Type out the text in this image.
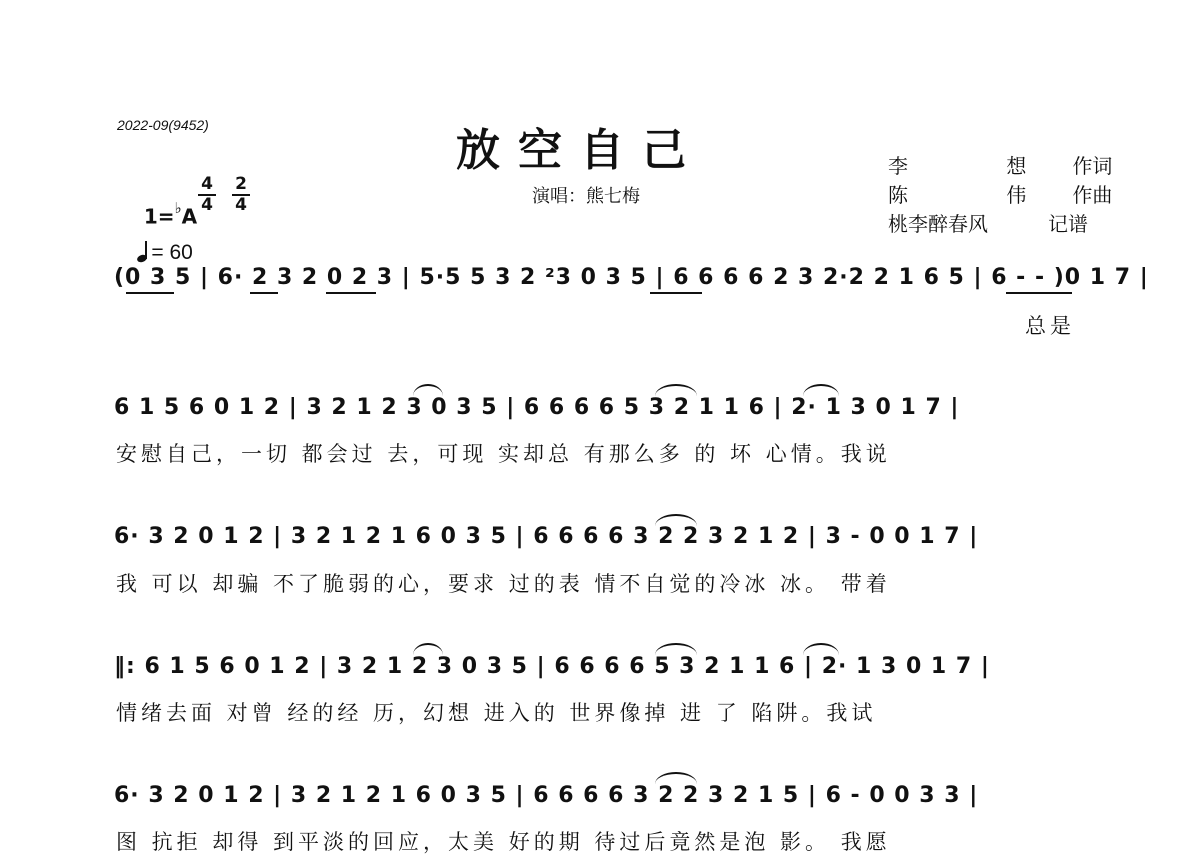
2022-09(9452)	放空自己
演唱：熊七梅

李 想 作词

陈 伟 作曲

桃李醉春风	记谱

1=♭A

4
4
2
4

= 60

(0 3 5 | 6· 2 3 2 0 2 3 | 5·5 5 3 2 ²3 0 3 5 | 6 6 6 6 2 3 2·2 2 1 6 5 | 6 - - )0 1 7 |
总是
6 1 5 6 0 1 2 | 3 2 1 2 3 0 3 5 | 6 6 6 6 5 3 2 1 1 6 | 2· 1 3 0 1 7 |
安慰自己，一切 都会过 去，可现 实却总 有那么多 的 坏 心情。我说
6· 3 2 0 1 2 | 3 2 1 2 1 6 0 3 5 | 6 6 6 6 3 2 2 3 2 1 2 | 3 - 0 0 1 7 |
我 可以 却骗 不了脆弱的心，要求 过的表 情不自觉的冷冰 冰。 带着
‖: 6 1 5 6 0 1 2 | 3 2 1 2 3 0 3 5 | 6 6 6 6 5 3 2 1 1 6 | 2· 1 3 0 1 7 |
情绪去面 对曾 经的经 历，幻想 进入的 世界像掉 进 了 陷阱。我试
6· 3 2 0 1 2 | 3 2 1 2 1 6 0 3 5 | 6 6 6 6 3 2 2 3 2 1 5 | 6 - 0 0 3 3 |
图 抗拒 却得 到平淡的回应，太美 好的期 待过后竟然是泡 影。 我愿
